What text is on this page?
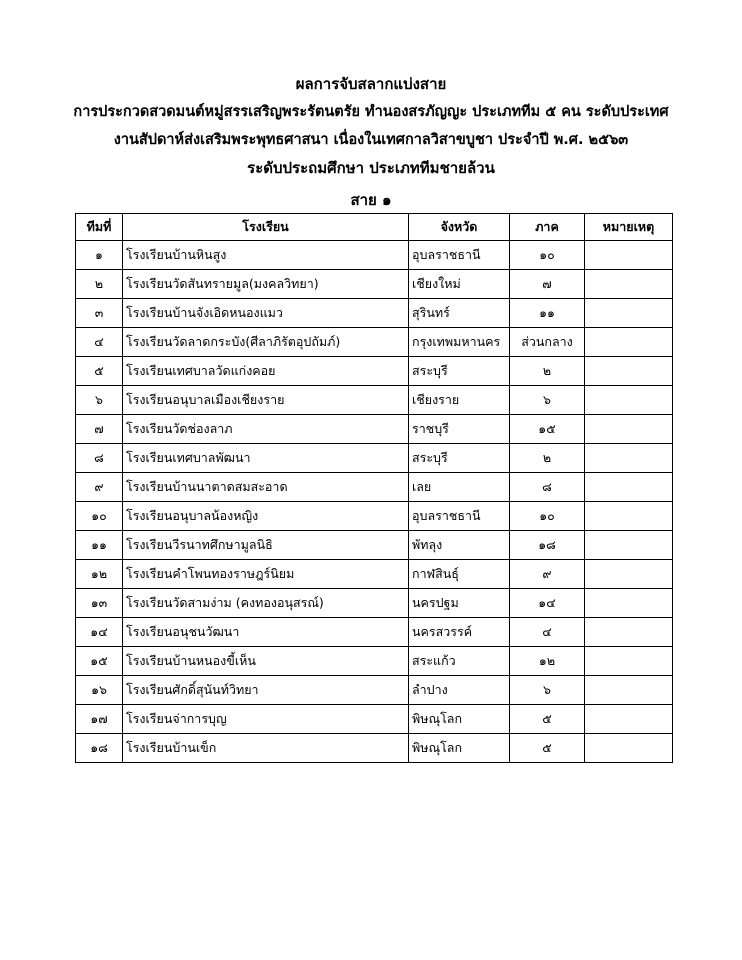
ผลการจับสลากแบ่งสาย
การประกวดสวดมนต์หมู่สรรเสริญพระรัตนตรัย ทำนองสรภัญญะ ประเภททีม ๕ คน ระดับประเทศ
งานสัปดาห์ส่งเสริมพระพุทธศาสนา เนื่องในเทศกาลวิสาขบูชา ประจำปี พ.ศ. ๒๕๖๓
ระดับประถมศึกษา ประเภททีมชายล้วน
สาย ๑
ทีมที่	โรงเรียน	จังหวัด	ภาค	หมายเหตุ
๑	โรงเรียนบ้านหินสูง	อุบลราชธานี	๑๐	
๒	โรงเรียนวัดสันทรายมูล(มงคลวิทยา)	เชียงใหม่	๗	
๓	โรงเรียนบ้านจังเอิดหนองแมว	สุรินทร์	๑๑	
๔	โรงเรียนวัดลาดกระบัง(ศีลาภิรัตอุปถัมภ์)	กรุงเทพมหานคร	ส่วนกลาง	
๕	โรงเรียนเทศบาลวัดแก่งคอย	สระบุรี	๒	
๖	โรงเรียนอนุบาลเมืองเชียงราย	เชียงราย	๖	
๗	โรงเรียนวัดช่องลาภ	ราชบุรี	๑๕	
๘	โรงเรียนเทศบาลพัฒนา	สระบุรี	๒	
๙	โรงเรียนบ้านนาตาดสมสะอาด	เลย	๘	
๑๐	โรงเรียนอนุบาลน้องหญิง	อุบลราชธานี	๑๐	
๑๑	โรงเรียนวีรนาทศึกษามูลนิธิ	พัทลุง	๑๘	
๑๒	โรงเรียนคำโพนทองราษฎร์นิยม	กาฬสินธุ์	๙	
๑๓	โรงเรียนวัดสามง่าม (คงทองอนุสรณ์)	นครปฐม	๑๔	
๑๔	โรงเรียนอนุชนวัฒนา	นครสวรรค์	๔	
๑๕	โรงเรียนบ้านหนองขี้เห็น	สระแก้ว	๑๒	
๑๖	โรงเรียนศักดิ์สุนันท์วิทยา	ลำปาง	๖	
๑๗	โรงเรียนจ่าการบุญ	พิษณุโลก	๕	
๑๘	โรงเรียนบ้านเข็ก	พิษณุโลก	๕	
